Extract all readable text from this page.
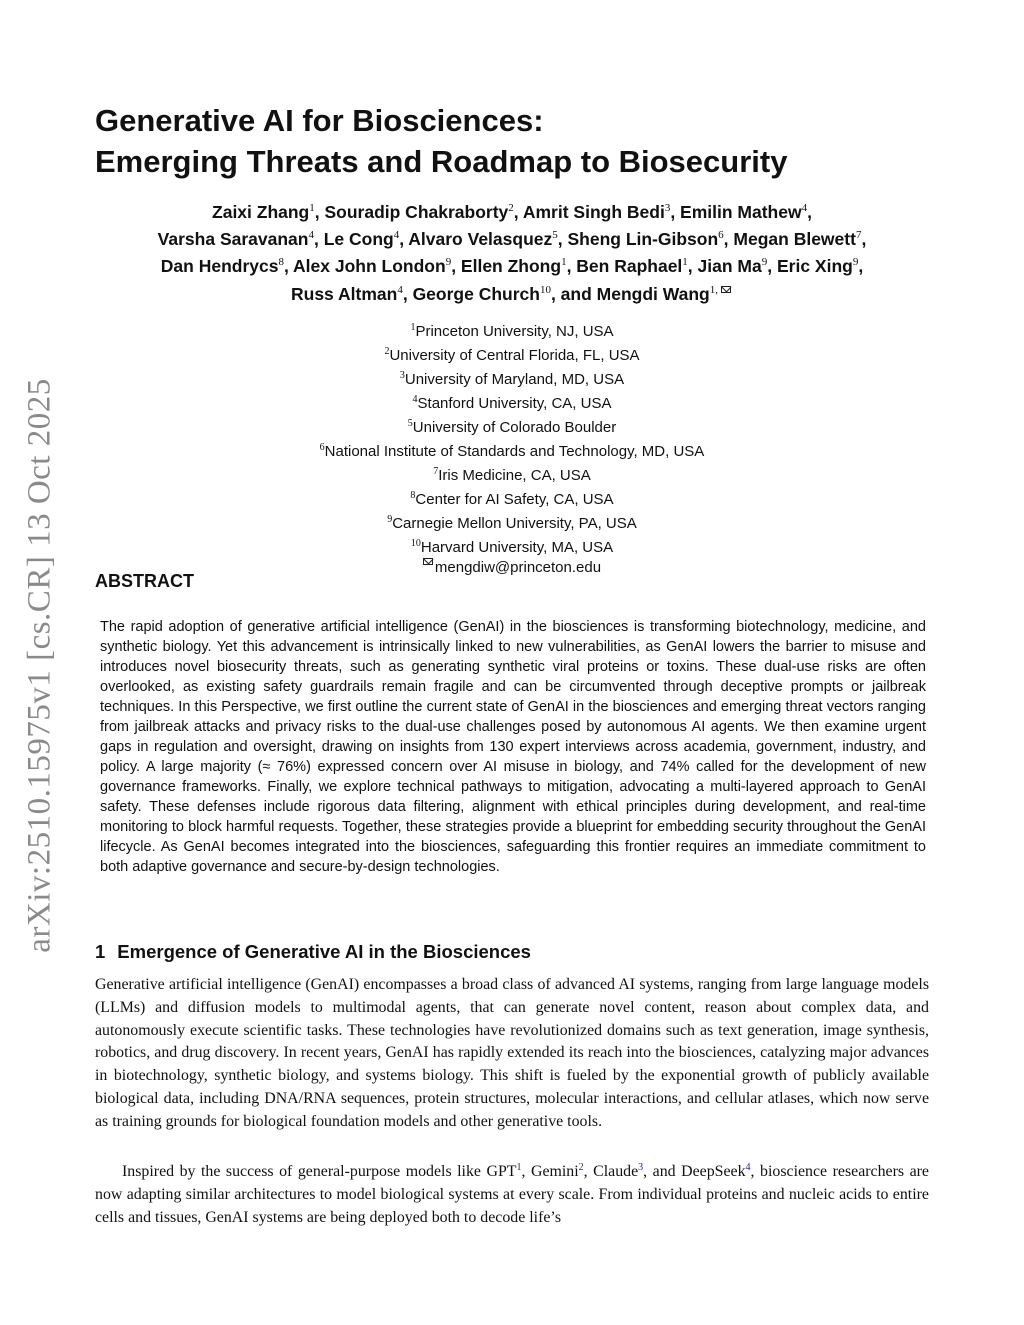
arXiv:2510.15975v1 [cs.CR] 13 Oct 2025

Generative AI for Biosciences:

Emerging Threats and Roadmap to Biosecurity

Zaixi Zhang$^1$, Souradip Chakraborty$^2$, Amrit Singh Bedi$^3$, Emilin Mathew$^4$,
Varsha Saravanan$^4$, Le Cong$^4$, Alvaro Velasquez$^5$, Sheng Lin-Gibson$^6$, Megan Blewett$^7$,
Dan Hendrycs$^8$, Alex John London$^9$, Ellen Zhong$^1$, Ben Raphael$^1$, Jian Ma$^9$, Eric Xing$^9$,
Russ Altman$^4$, George Church$^{10}$, and Mengdi Wang$^{1,}$
$^1$Princeton University, NJ, USA
$^2$University of Central Florida, FL, USA
$^3$University of Maryland, MD, USA
$^4$Stanford University, CA, USA
$^5$University of Colorado Boulder
$^6$National Institute of Standards and Technology, MD, USA
$^7$Iris Medicine, CA, USA
$^8$Center for AI Safety, CA, USA
$^9$Carnegie Mellon University, PA, USA
$^{10}$Harvard University, MA, USA
mengdiw@princeton.edu
ABSTRACT

The rapid adoption of generative artificial intelligence (GenAI) in the biosciences is transforming biotechnology, medicine, and synthetic biology. Yet this advancement is intrinsically linked to new vulnerabilities, as GenAI lowers the barrier to misuse and introduces novel biosecurity threats, such as generating synthetic viral proteins or toxins. These dual-use risks are often overlooked, as existing safety guardrails remain fragile and can be circumvented through deceptive prompts or jailbreak techniques. In this Perspective, we first outline the current state of GenAI in the biosciences and emerging threat vectors ranging from jailbreak attacks and privacy risks to the dual-use challenges posed by autonomous AI agents. We then examine urgent gaps in regulation and oversight, drawing on insights from 130 expert interviews across academia, government, industry, and policy. A large majority (≈ 76%) expressed concern over AI misuse in biology, and 74% called for the development of new governance frameworks. Finally, we explore technical pathways to mitigation, advocating a multi-layered approach to GenAI safety. These defenses include rigorous data filtering, alignment with ethical principles during development, and real-time monitoring to block harmful requests. Together, these strategies provide a blueprint for embedding security throughout the GenAI lifecycle. As GenAI becomes integrated into the biosciences, safeguarding this frontier requires an immediate commitment to both adaptive governance and secure-by-design technologies.

1 Emergence of Generative AI in the Biosciences

Generative artificial intelligence (GenAI) encompasses a broad class of advanced AI systems, ranging from large language models (LLMs) and diffusion models to multimodal agents, that can generate novel content, reason about complex data, and autonomously execute scientific tasks. These technologies have revolutionized domains such as text generation, image synthesis, robotics, and drug discovery. In recent years, GenAI has rapidly extended its reach into the biosciences, catalyzing major advances in biotechnology, synthetic biology, and systems biology. This shift is fueled by the exponential growth of publicly available biological data, including DNA/RNA sequences, protein structures, molecular interactions, and cellular atlases, which now serve as training grounds for biological foundation models and other generative tools.

Inspired by the success of general-purpose models like GPT$^1$, Gemini$^2$, Claude$^3$, and DeepSeek$^4$, bioscience researchers are now adapting similar architectures to model biological systems at every scale. From individual proteins and nucleic acids to entire cells and tissues, GenAI systems are being deployed both to decode life’s
